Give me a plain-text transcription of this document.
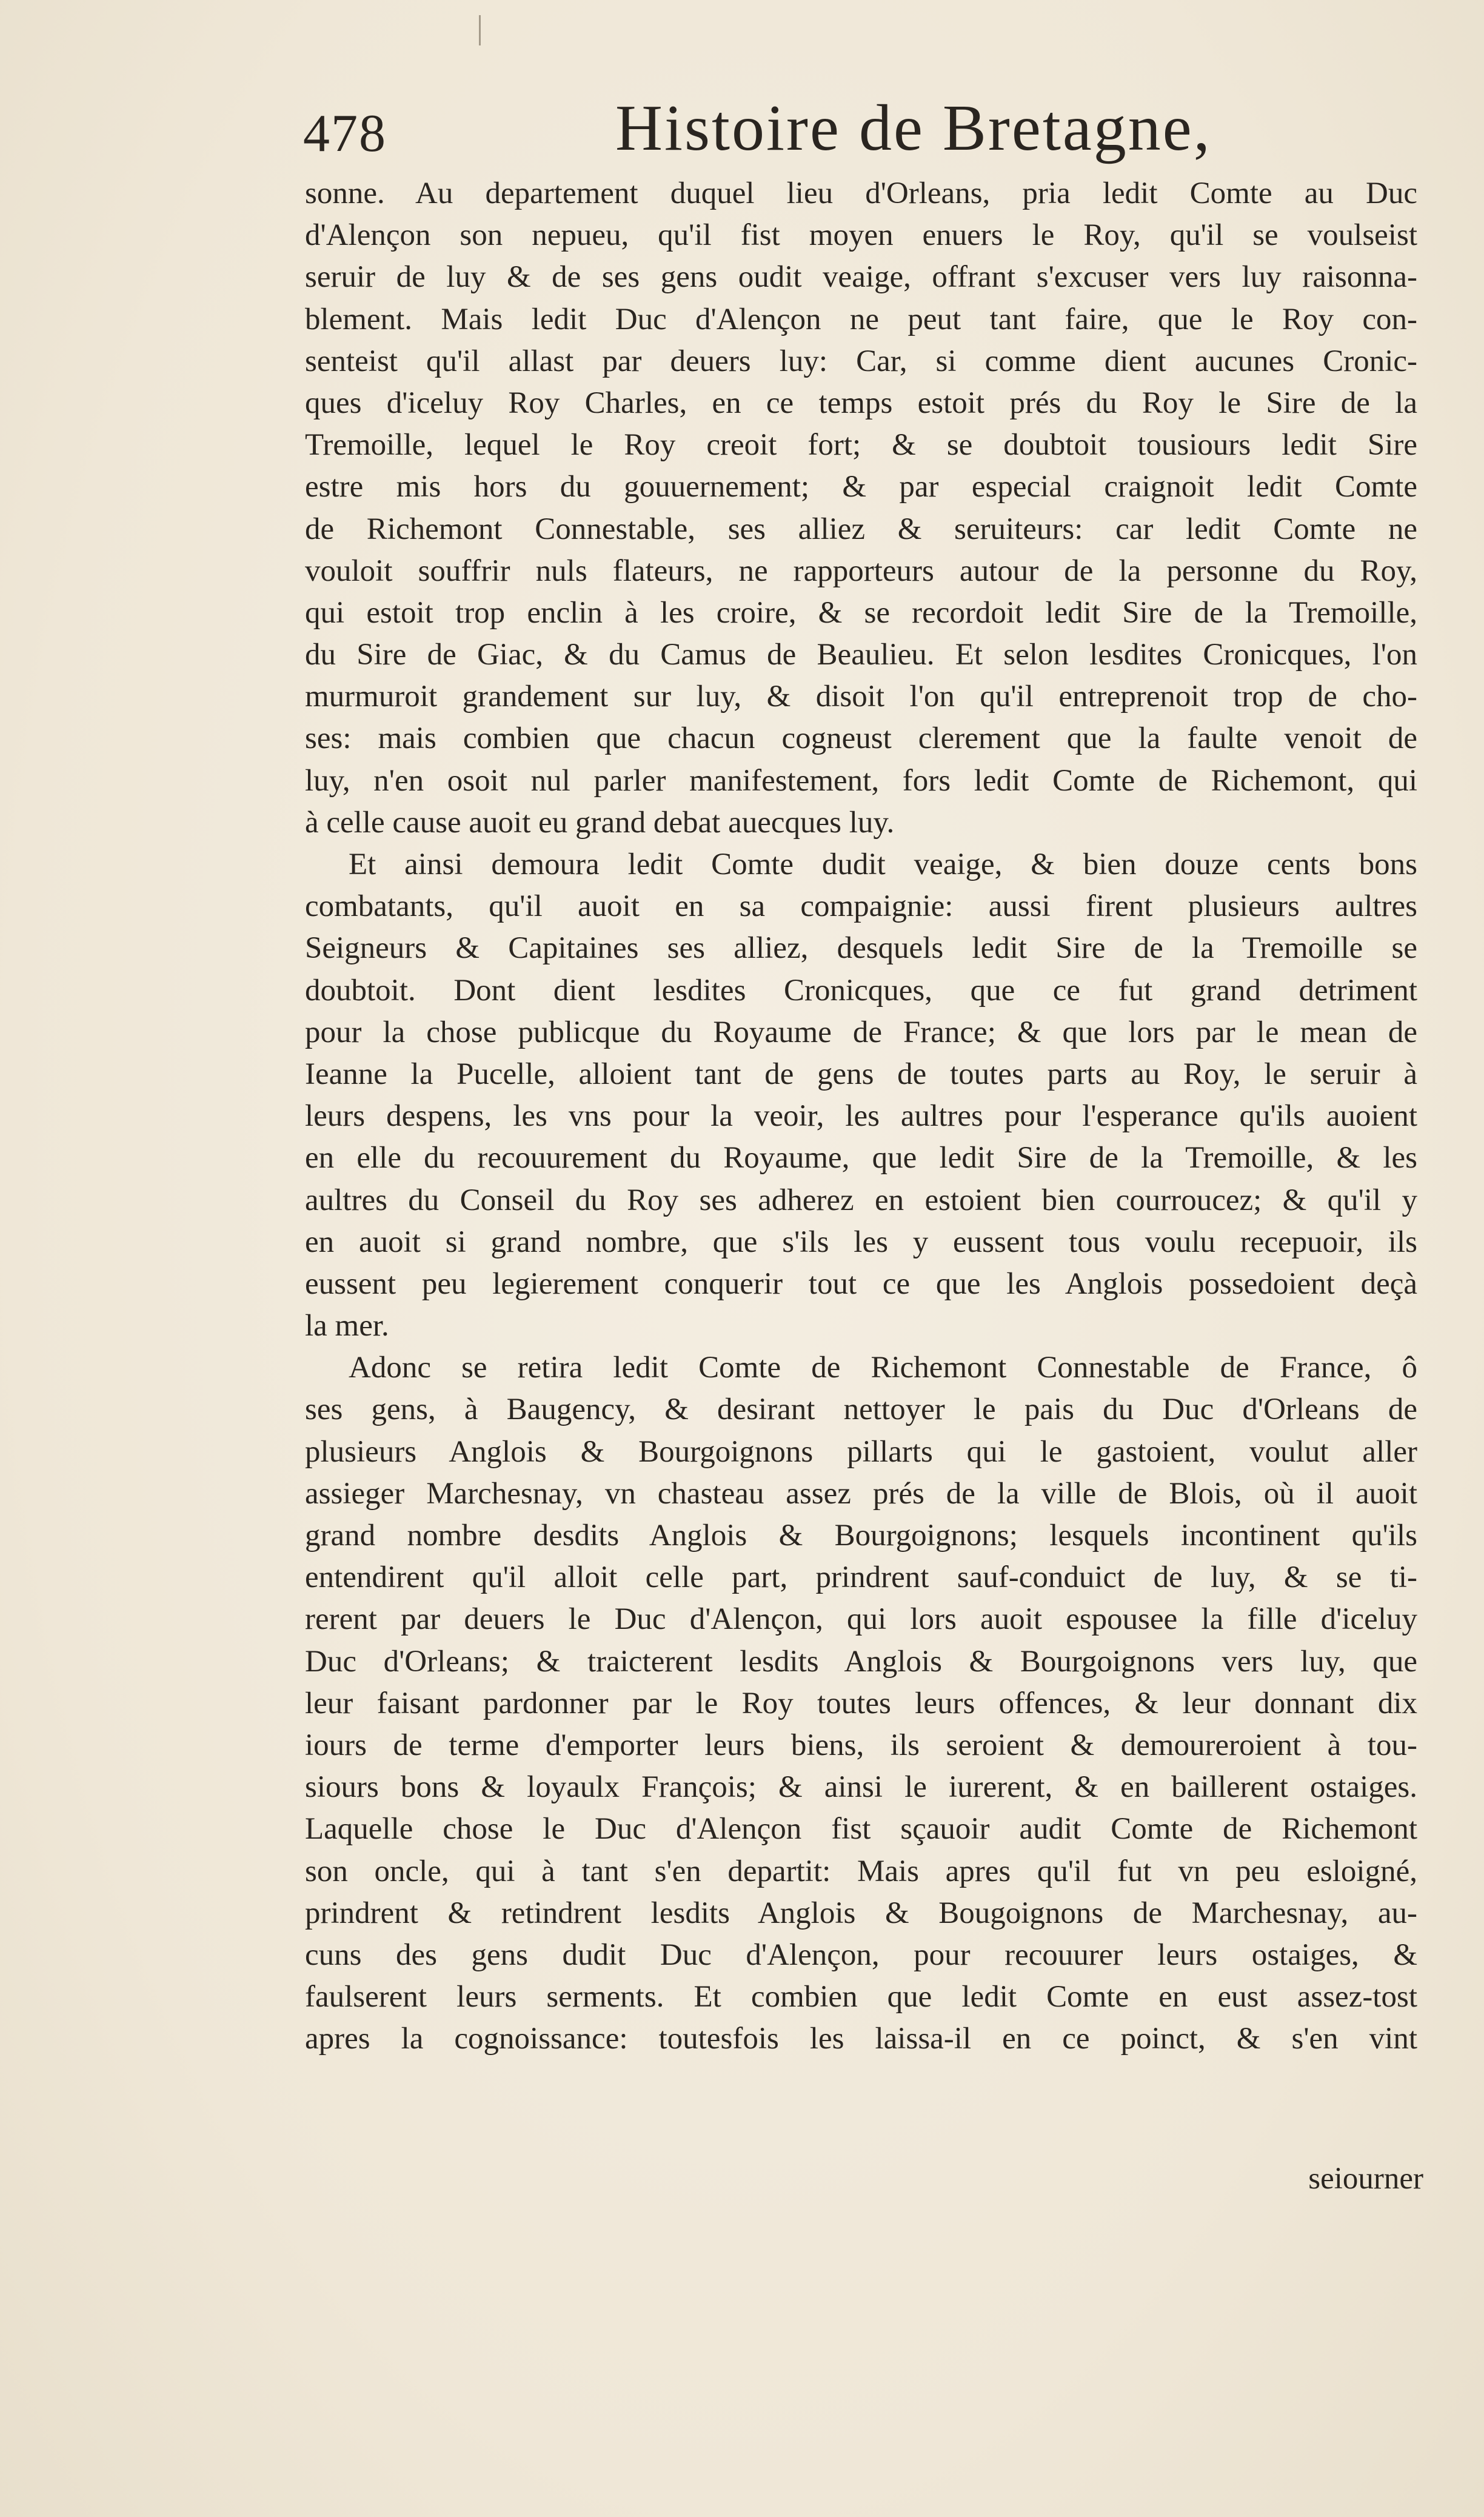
478	Histoire de Bretagne,
sonne. Au departement duquel lieu d'Orleans, pria ledit Comte au Duc
d'Alençon son nepueu, qu'il fist moyen enuers le Roy, qu'il se voulseist
seruir de luy & de ses gens oudit veaige, offrant s'excuser vers luy raisonna-
blement. Mais ledit Duc d'Alençon ne peut tant faire, que le Roy con-
senteist qu'il allast par deuers luy: Car, si comme dient aucunes Cronic-
ques d'iceluy Roy Charles, en ce temps estoit prés du Roy le Sire de la
Tremoille, lequel le Roy creoit fort; & se doubtoit tousiours ledit Sire
estre mis hors du gouuernement; & par especial craignoit ledit Comte
de Richemont Connestable, ses alliez & seruiteurs: car ledit Comte ne
vouloit souffrir nuls flateurs, ne rapporteurs autour de la personne du Roy,
qui estoit trop enclin à les croire, & se recordoit ledit Sire de la Tremoille,
du Sire de Giac, & du Camus de Beaulieu. Et selon lesdites Cronicques, l'on
murmuroit grandement sur luy, & disoit l'on qu'il entreprenoit trop de cho-
ses: mais combien que chacun cogneust clerement que la faulte venoit de
luy, n'en osoit nul parler manifestement, fors ledit Comte de Richemont, qui
à celle cause auoit eu grand debat auecques luy.
Et ainsi demoura ledit Comte dudit veaige, & bien douze cents bons
combatants, qu'il auoit en sa compaignie: aussi firent plusieurs aultres
Seigneurs & Capitaines ses alliez, desquels ledit Sire de la Tremoille se
doubtoit. Dont dient lesdites Cronicques, que ce fut grand detriment
pour la chose publicque du Royaume de France; & que lors par le mean de
Ieanne la Pucelle, alloient tant de gens de toutes parts au Roy, le seruir à
leurs despens, les vns pour la veoir, les aultres pour l'esperance qu'ils auoient
en elle du recouurement du Royaume, que ledit Sire de la Tremoille, & les
aultres du Conseil du Roy ses adherez en estoient bien courroucez; & qu'il y
en auoit si grand nombre, que s'ils les y eussent tous voulu recepuoir, ils
eussent peu legierement conquerir tout ce que les Anglois possedoient deçà
la mer.
Adonc se retira ledit Comte de Richemont Connestable de France, ô
ses gens, à Baugency, & desirant nettoyer le pais du Duc d'Orleans de
plusieurs Anglois & Bourgoignons pillarts qui le gastoient, voulut aller
assieger Marchesnay, vn chasteau assez prés de la ville de Blois, où il auoit
grand nombre desdits Anglois & Bourgoignons; lesquels incontinent qu'ils
entendirent qu'il alloit celle part, prindrent sauf-conduict de luy, & se ti-
rerent par deuers le Duc d'Alençon, qui lors auoit espousee la fille d'iceluy
Duc d'Orleans; & traicterent lesdits Anglois & Bourgoignons vers luy, que
leur faisant pardonner par le Roy toutes leurs offences, & leur donnant dix
iours de terme d'emporter leurs biens, ils seroient & demoureroient à tou-
siours bons & loyaulx François; & ainsi le iurerent, & en baillerent ostaiges.
Laquelle chose le Duc d'Alençon fist sçauoir audit Comte de Richemont
son oncle, qui à tant s'en departit: Mais apres qu'il fut vn peu esloigné,
prindrent & retindrent lesdits Anglois & Bougoignons de Marchesnay, au-
cuns des gens dudit Duc d'Alençon, pour recouurer leurs ostaiges, &
faulserent leurs serments. Et combien que ledit Comte en eust assez-tost
apres la cognoissance: toutesfois les laissa-il en ce poinct, & s'en vint
seiourner
